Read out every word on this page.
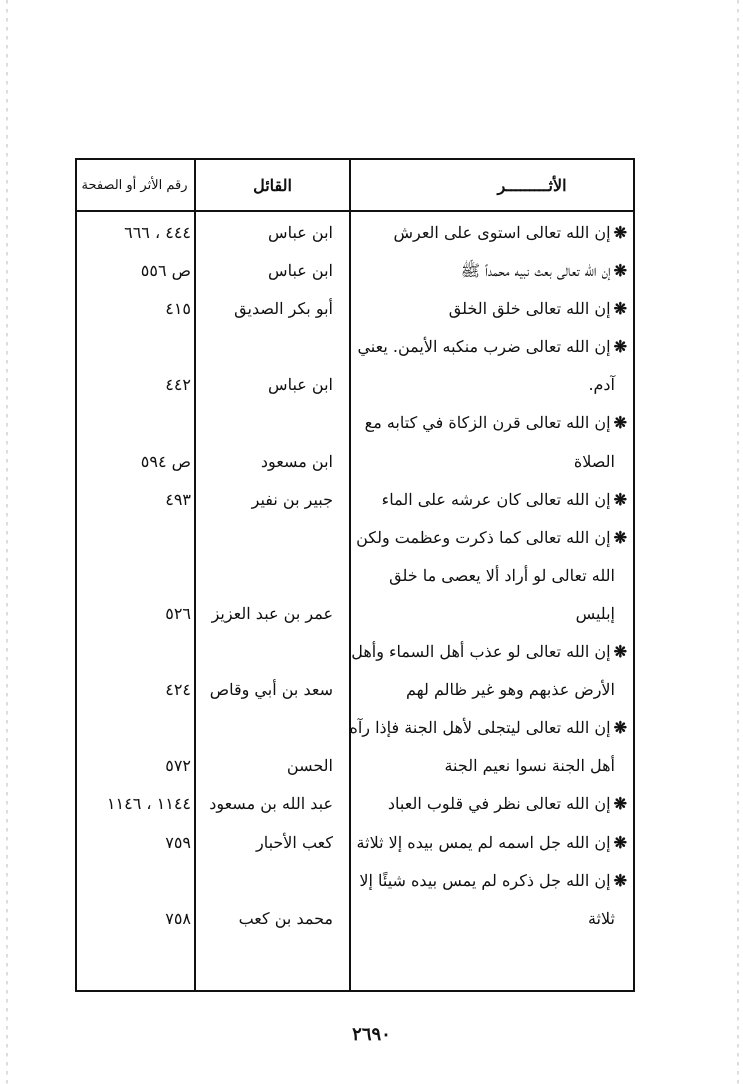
الأثـــــــــر
القائل
رقم الأثر أو الصفحة
❋إن الله تعالى استوى على العرش
ابن عباس
٤٤٤ ، ٦٦٦
❋إن الله تعالى بعث نبيه محمداً ﷺ
ابن عباس
ص ٥٥٦
❋إن الله تعالى خلق الخلق
أبو بكر الصديق
٤١٥
❋إن الله تعالى ضرب منكبه الأيمن. يعني
آدم.
ابن عباس
٤٤٢
❋إن الله تعالى قرن الزكاة في كتابه مع
الصلاة
ابن مسعود
ص ٥٩٤
❋إن الله تعالى كان عرشه على الماء
جبير بن نفير
٤٩٣
❋إن الله تعالى كما ذكرت وعظمت ولكن
الله تعالى لو أراد ألا يعصى ما خلق
إبليس
عمر بن عبد العزيز
٥٢٦
❋إن الله تعالى لو عذب أهل السماء وأهل
الأرض عذبهم وهو غير ظالم لهم
سعد بن أبي وقاص
٤٢٤
❋إن الله تعالى ليتجلى لأهل الجنة فإذا رآه
أهل الجنة نسوا نعيم الجنة
الحسن
٥٧٢
❋إن الله تعالى نظر في قلوب العباد
عبد الله بن مسعود
١١٤٤ ، ١١٤٦
❋إن الله جل اسمه لم يمس بيده إلا ثلاثة
كعب الأحبار
٧٥٩
❋إن الله جل ذكره لم يمس بيده شيئًا إلا
ثلاثة
محمد بن كعب
٧٥٨
٢٦٩٠
